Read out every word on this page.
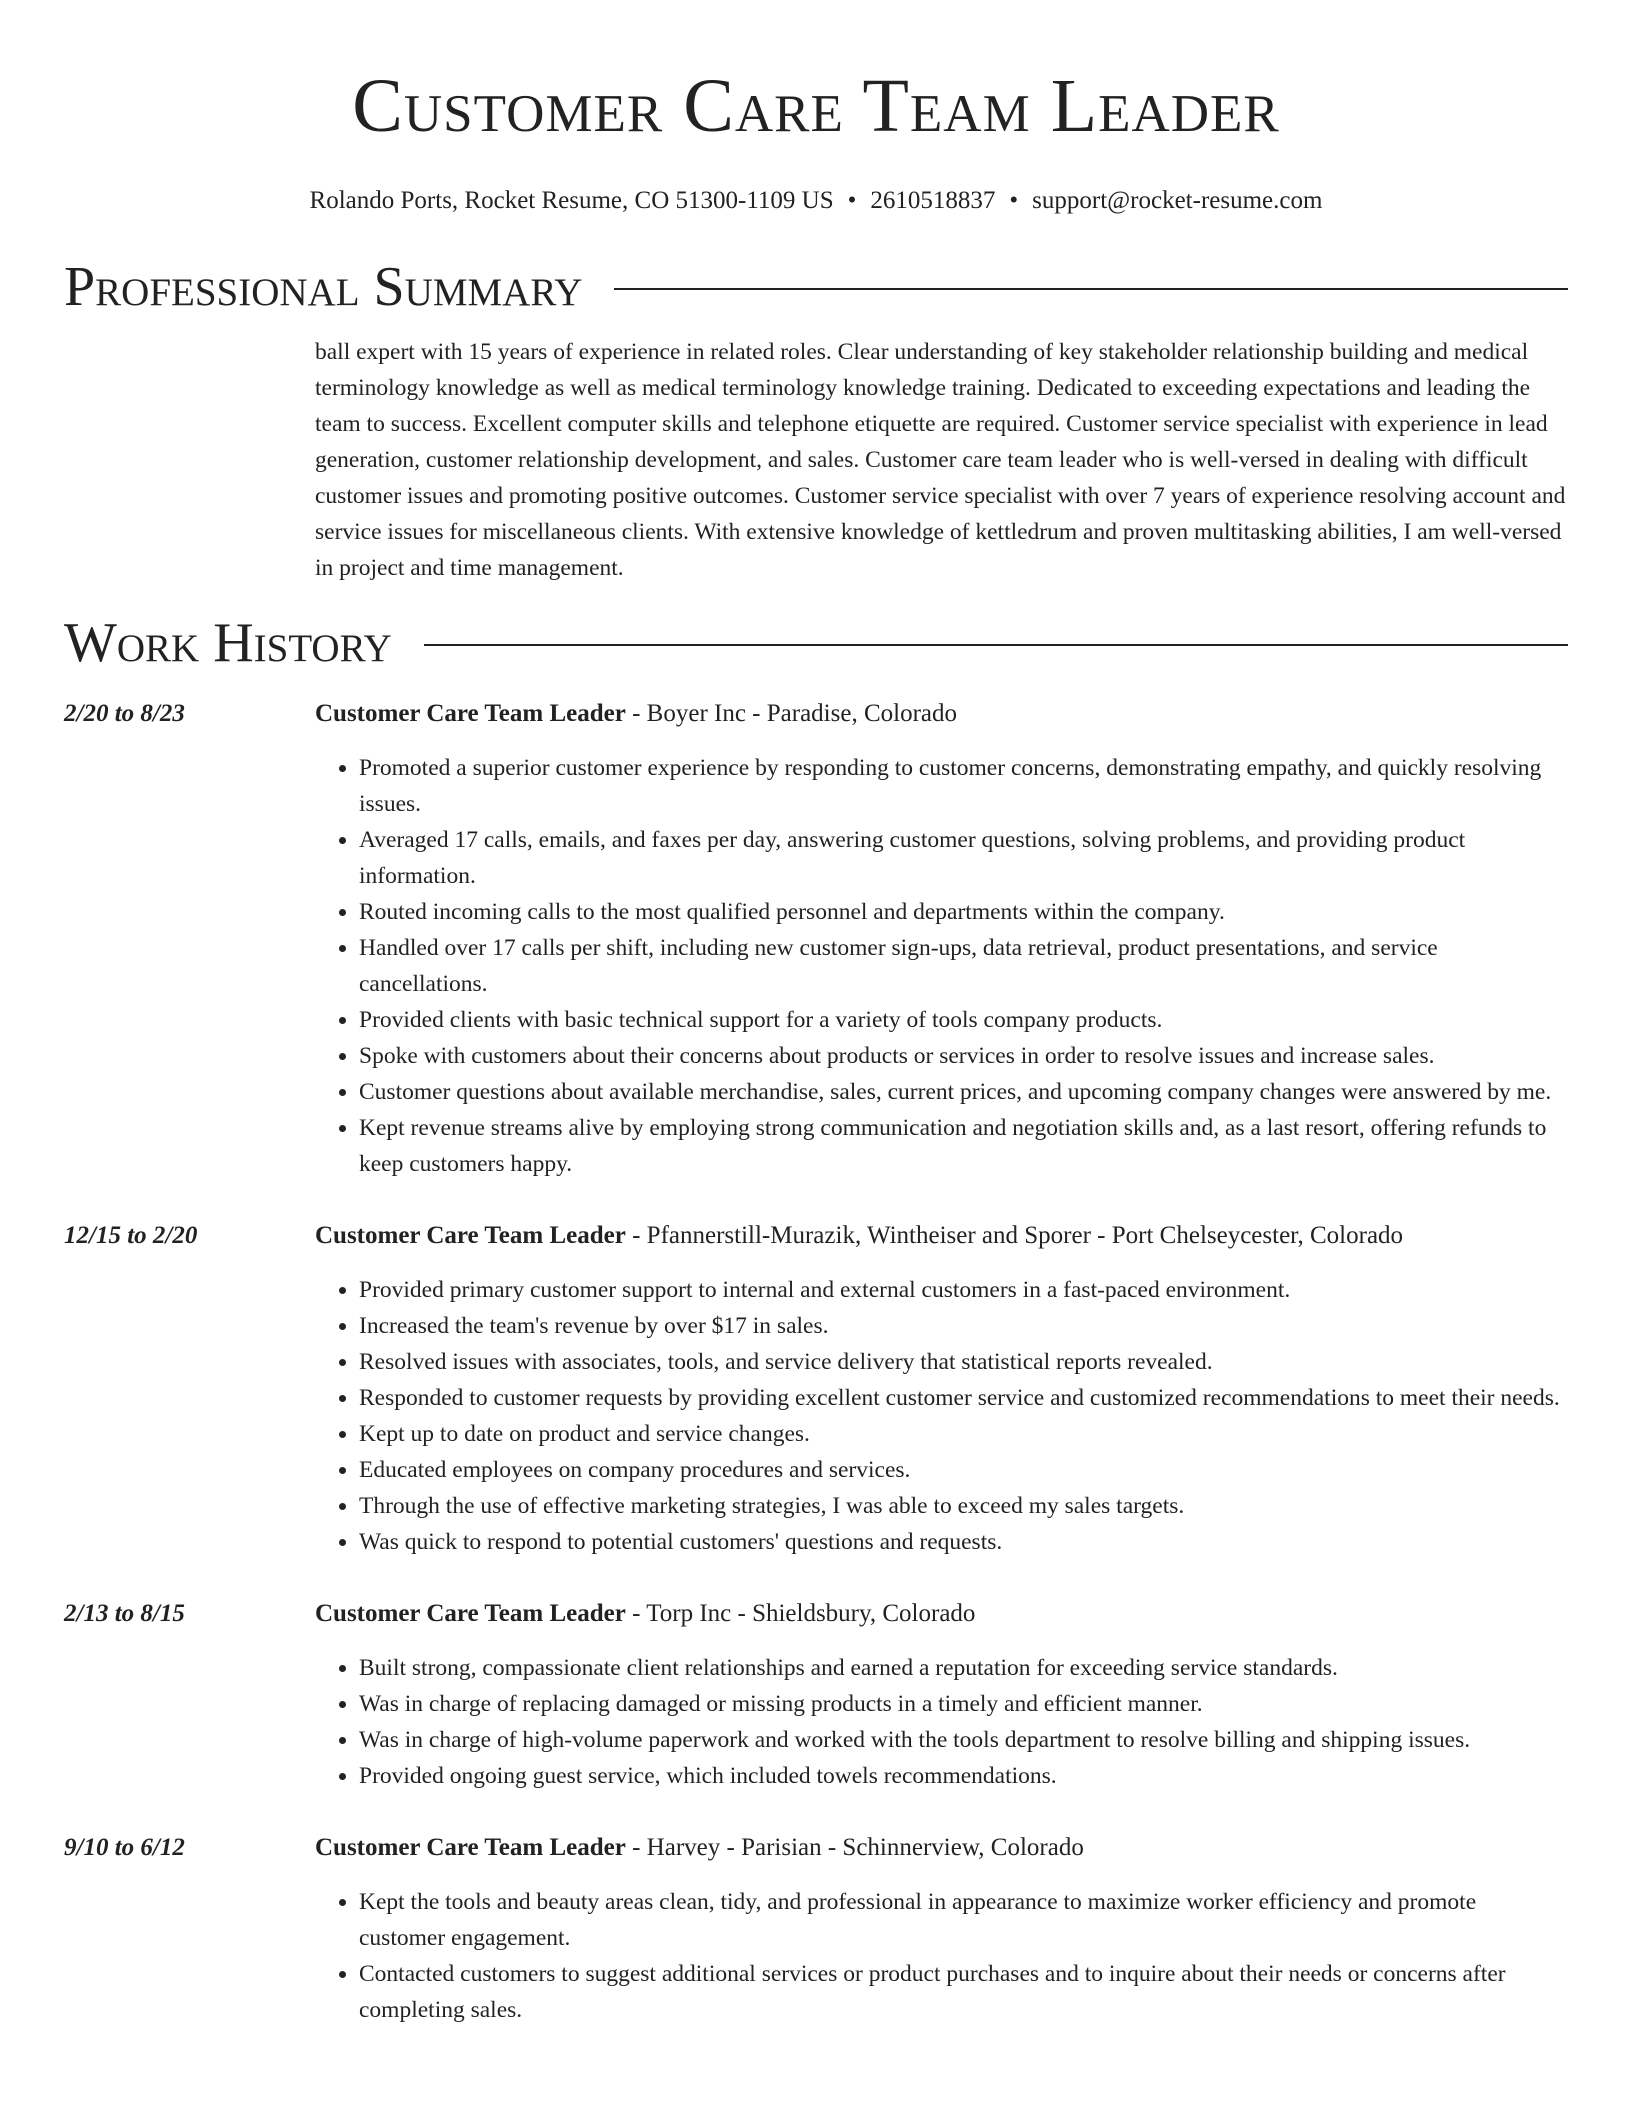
Customer Care Team Leader
Rolando Ports, Rocket Resume, CO 51300-1109 US • 2610518837 • support@rocket-resume.com
Professional Summary
ball expert with 15 years of experience in related roles. Clear understanding of key stakeholder relationship building and medical terminology knowledge as well as medical terminology knowledge training. Dedicated to exceeding expectations and leading the team to success. Excellent computer skills and telephone etiquette are required. Customer service specialist with experience in lead generation, customer relationship development, and sales. Customer care team leader who is well-versed in dealing with difficult customer issues and promoting positive outcomes. Customer service specialist with over 7 years of experience resolving account and service issues for miscellaneous clients. With extensive knowledge of kettledrum and proven multitasking abilities, I am well-versed in project and time management.
Work History
2/20 to 8/23	Customer Care Team Leader - Boyer Inc - Paradise, Colorado
• Promoted a superior customer experience by responding to customer concerns, demonstrating empathy, and quickly resolving issues.
• Averaged 17 calls, emails, and faxes per day, answering customer questions, solving problems, and providing product information.
• Routed incoming calls to the most qualified personnel and departments within the company.
• Handled over 17 calls per shift, including new customer sign-ups, data retrieval, product presentations, and service cancellations.
• Provided clients with basic technical support for a variety of tools company products.
• Spoke with customers about their concerns about products or services in order to resolve issues and increase sales.
• Customer questions about available merchandise, sales, current prices, and upcoming company changes were answered by me.
• Kept revenue streams alive by employing strong communication and negotiation skills and, as a last resort, offering refunds to keep customers happy.
12/15 to 2/20	Customer Care Team Leader - Pfannerstill-Murazik, Wintheiser and Sporer - Port Chelseycester, Colorado
• Provided primary customer support to internal and external customers in a fast-paced environment.
• Increased the team's revenue by over $17 in sales.
• Resolved issues with associates, tools, and service delivery that statistical reports revealed.
• Responded to customer requests by providing excellent customer service and customized recommendations to meet their needs.
• Kept up to date on product and service changes.
• Educated employees on company procedures and services.
• Through the use of effective marketing strategies, I was able to exceed my sales targets.
• Was quick to respond to potential customers' questions and requests.
2/13 to 8/15	Customer Care Team Leader - Torp Inc - Shieldsbury, Colorado
• Built strong, compassionate client relationships and earned a reputation for exceeding service standards.
• Was in charge of replacing damaged or missing products in a timely and efficient manner.
• Was in charge of high-volume paperwork and worked with the tools department to resolve billing and shipping issues.
• Provided ongoing guest service, which included towels recommendations.
9/10 to 6/12	Customer Care Team Leader - Harvey - Parisian - Schinnerview, Colorado
• Kept the tools and beauty areas clean, tidy, and professional in appearance to maximize worker efficiency and promote customer engagement.
• Contacted customers to suggest additional services or product purchases and to inquire about their needs or concerns after completing sales.
